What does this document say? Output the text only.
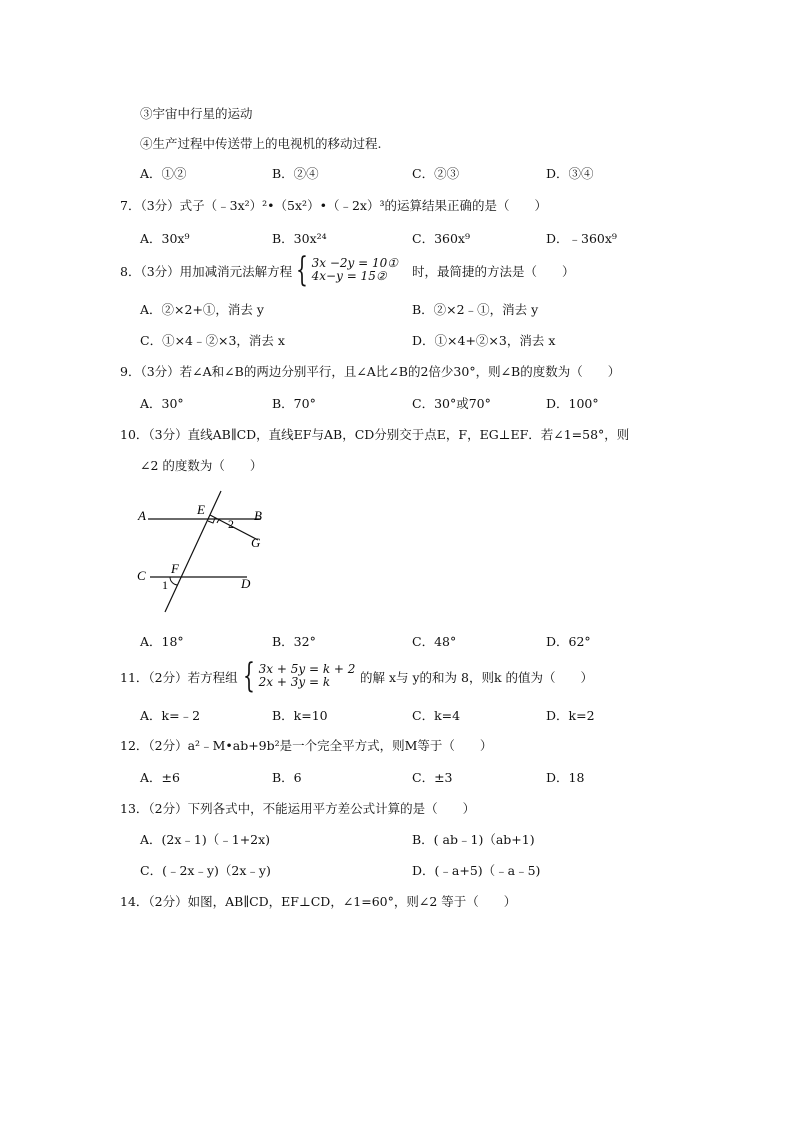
③宇宙中行星的运动
④生产过程中传送带上的电视机的移动过程.
A．①②	B．②④	C．②③	D．③④
7．（3分）式子（﹣3x²）²•（5x²）•（﹣2x）³的运算结果正确的是（　　）
A．30x⁹	B．30x²⁴	C．360x⁹	D．﹣360x⁹
8．（3分）用加减消元法解方程 { 3x −2y = 10①
4x−y = 15②	时，最简捷的方法是（　　）
A．②×2+①，消去 y	B．②×2﹣①，消去 y
C．①×4﹣②×3，消去 x	D．①×4+②×3，消去 x
9．（3分）若∠A和∠B的两边分别平行，且∠A比∠B的2倍少30°，则∠B的度数为（　　）
A．30°	B．70°	C．30°或70°	D．100°
10．（3分）直线AB∥CD，直线EF与AB，CD分别交于点E，F，EG⊥EF．若∠1=58°，则
∠2 的度数为（　　）
A	B
C
D
E
F
G
1
2
A．18°	B．32°	C．48°	D．62°
11．（2分）若方程组 { 3x + 5y = k + 2
2x + 3y = k	的解 x与 y的和为 8，则k 的值为（　　）
A．k=﹣2	B．k=10	C．k=4	D．k=2
12．（2分）a²﹣M•ab+9b²是一个完全平方式，则M等于（　　）
A．±6	B．6	C．±3	D．18
13．（2分）下列各式中，不能运用平方差公式计算的是（　　）
A．(2x﹣1)（﹣1+2x)	B．( ab﹣1)（ab+1)
C．(﹣2x﹣y)（2x﹣y)	D．(﹣a+5)（﹣a﹣5)
14．（2分）如图，AB∥CD，EF⊥CD，∠1=60°，则∠2 等于（　　）
